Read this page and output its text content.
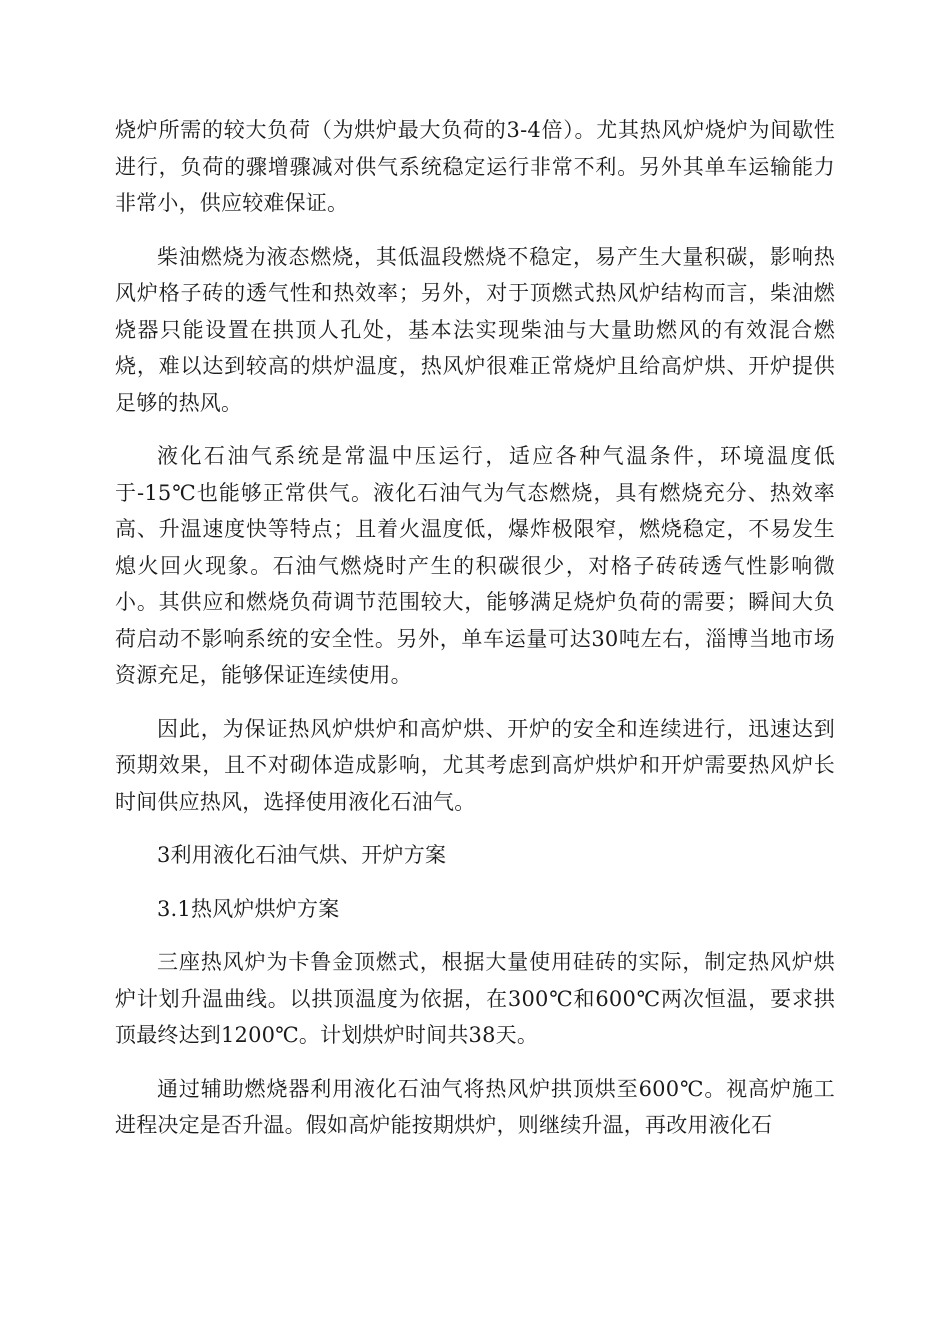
烧炉所需的较大负荷（为烘炉最大负荷的3-4倍）。尤其热风炉烧炉为间歇性进行，负荷的骤增骤减对供气系统稳定运行非常不利。另外其单车运输能力非常小，供应较难保证。

柴油燃烧为液态燃烧，其低温段燃烧不稳定，易产生大量积碳，影响热风炉格子砖的透气性和热效率；另外，对于顶燃式热风炉结构而言，柴油燃烧器只能设置在拱顶人孔处，基本法实现柴油与大量助燃风的有效混合燃烧，难以达到较高的烘炉温度，热风炉很难正常烧炉且给高炉烘、开炉提供足够的热风。

液化石油气系统是常温中压运行，适应各种气温条件，环境温度低于-15℃也能够正常供气。液化石油气为气态燃烧，具有燃烧充分、热效率高、升温速度快等特点；且着火温度低，爆炸极限窄，燃烧稳定，不易发生熄火回火现象。石油气燃烧时产生的积碳很少，对格子砖砖透气性影响微小。其供应和燃烧负荷调节范围较大，能够满足烧炉负荷的需要；瞬间大负荷启动不影响系统的安全性。另外，单车运量可达30吨左右，淄博当地市场资源充足，能够保证连续使用。

因此，为保证热风炉烘炉和高炉烘、开炉的安全和连续进行，迅速达到预期效果，且不对砌体造成影响，尤其考虑到高炉烘炉和开炉需要热风炉长时间供应热风，选择使用液化石油气。

3利用液化石油气烘、开炉方案

3.1热风炉烘炉方案

三座热风炉为卡鲁金顶燃式，根据大量使用硅砖的实际，制定热风炉烘炉计划升温曲线。以拱顶温度为依据，在300℃和600℃两次恒温，要求拱顶最终达到1200℃。计划烘炉时间共38天。

通过辅助燃烧器利用液化石油气将热风炉拱顶烘至600℃。视高炉施工进程决定是否升温。假如高炉能按期烘炉，则继续升温，再改用液化石
